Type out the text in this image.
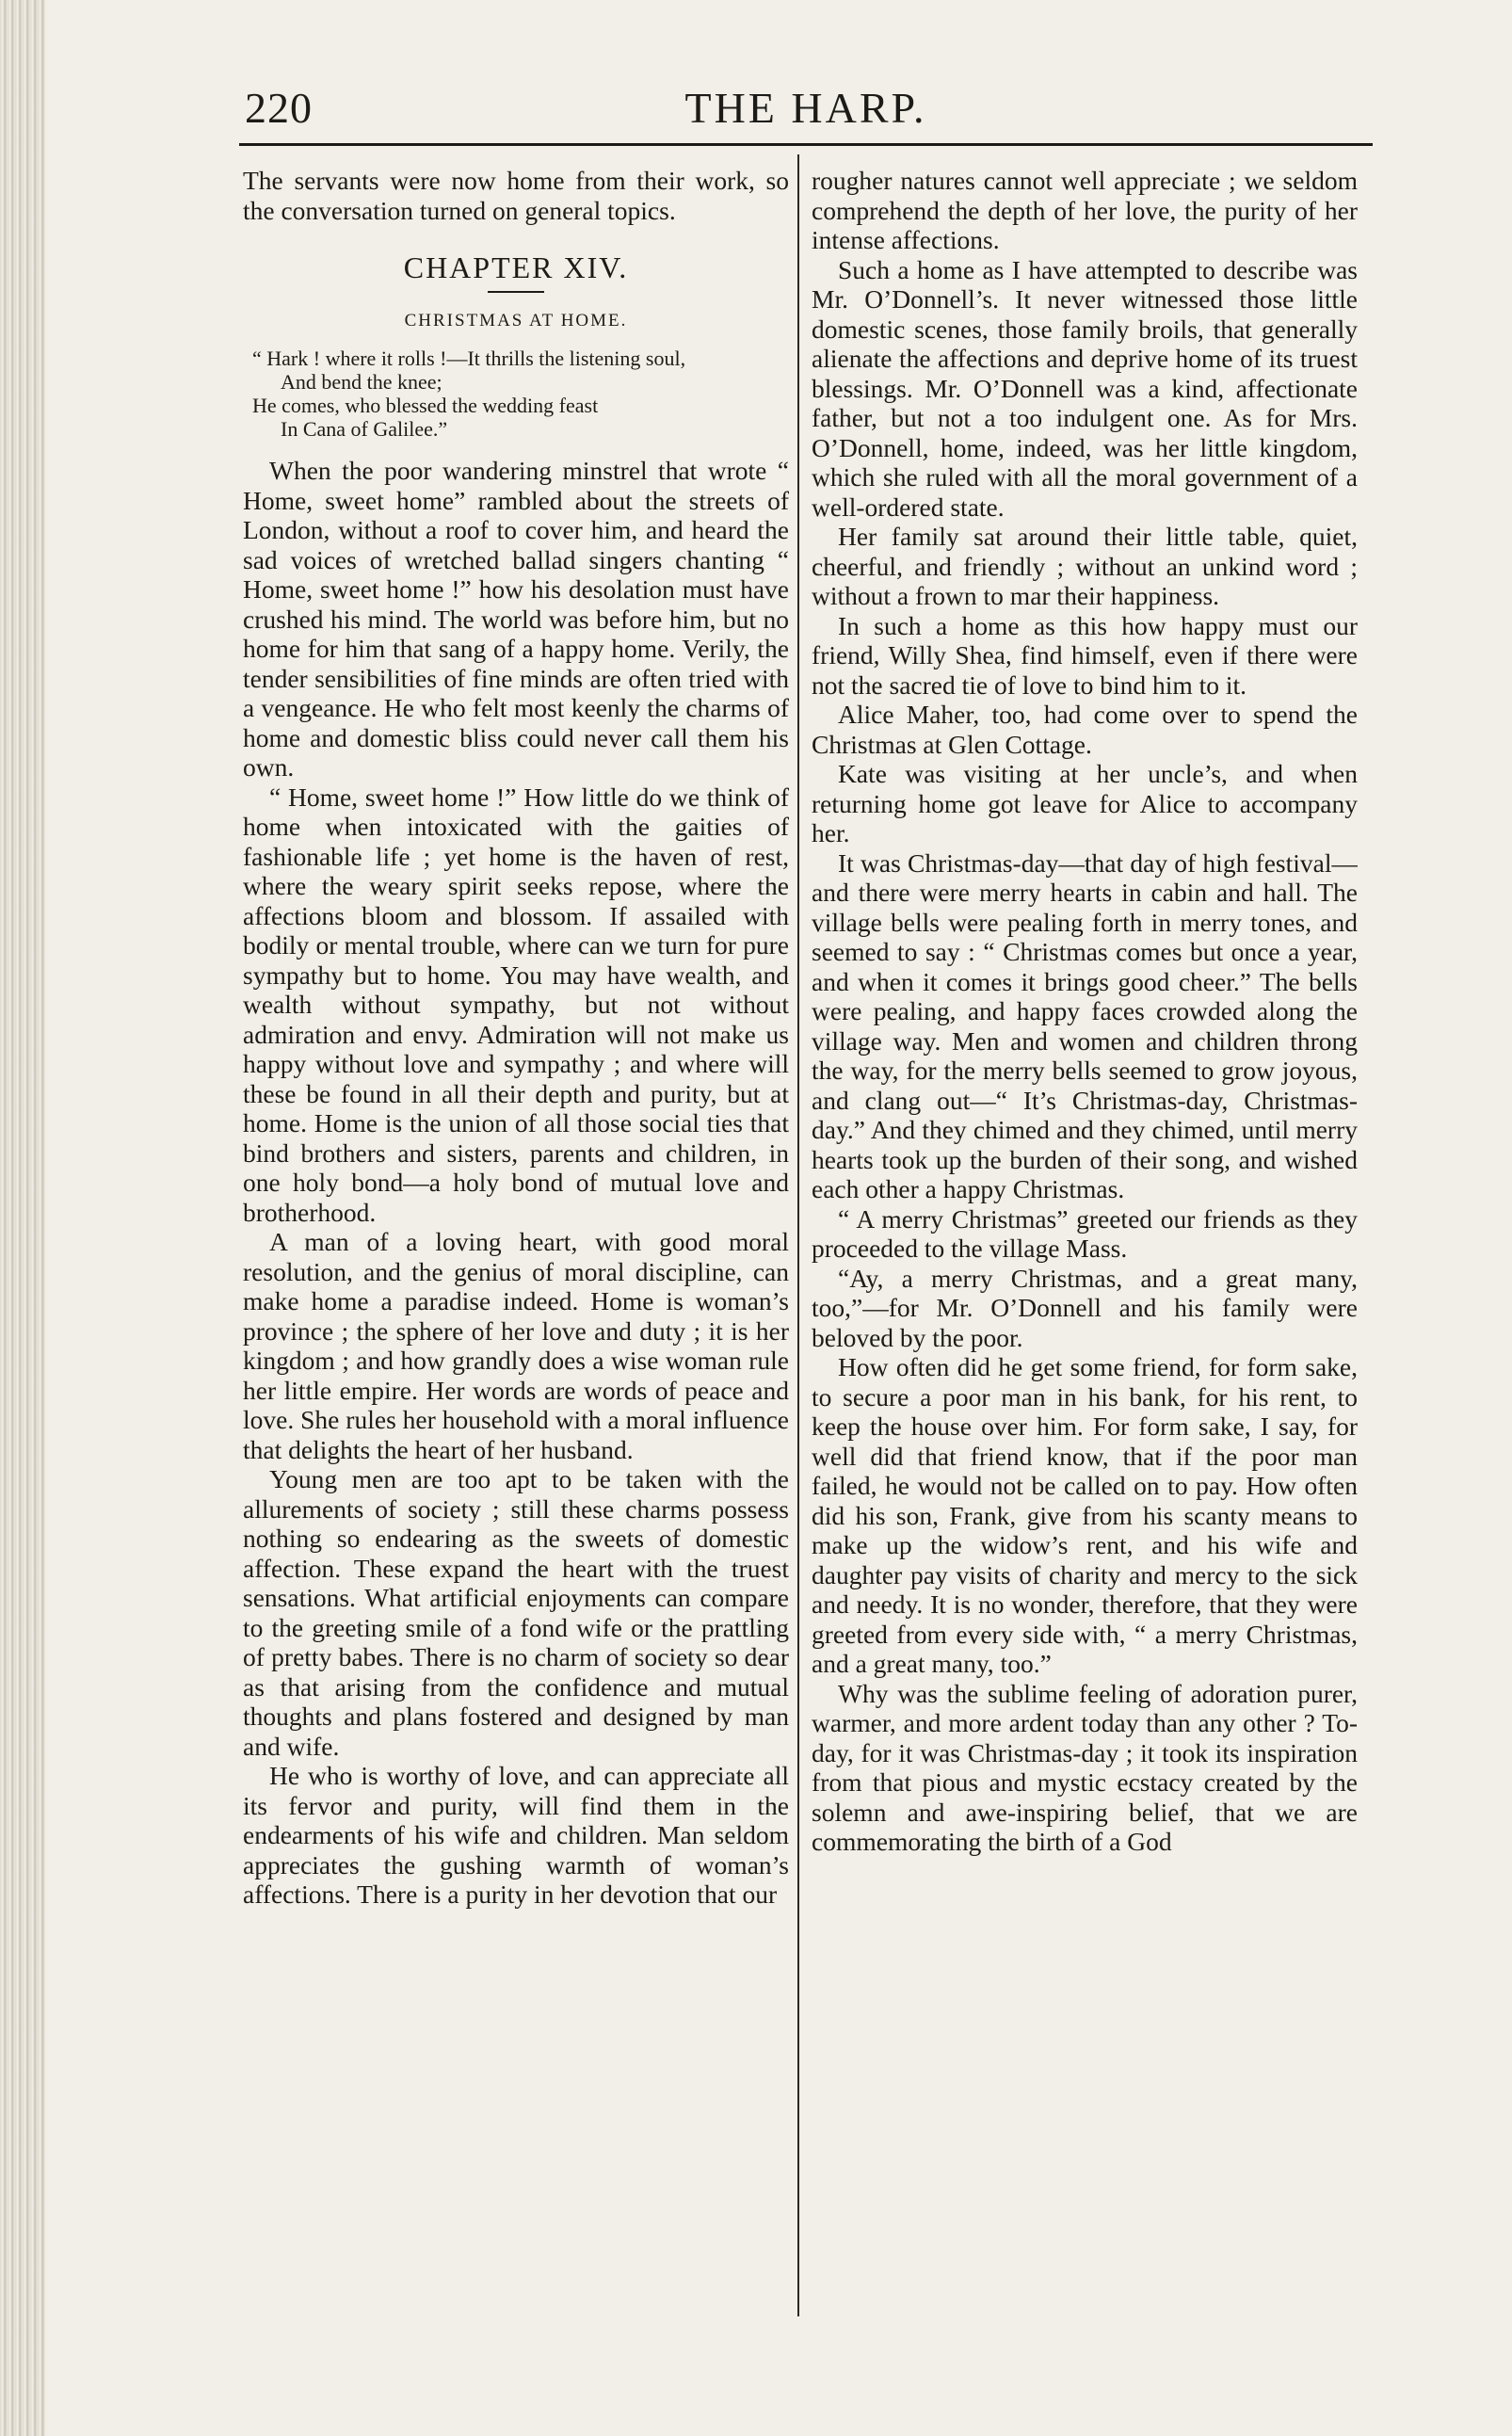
220	THE HARP.

The servants were now home from their work, so the conversation turned on general topics.

CHAPTER XIV.
CHRISTMAS AT HOME.
“ Hark ! where it rolls !—It thrills the listening soul,
And bend the knee;
He comes, who blessed the wedding feast
In Cana of Galilee.”

When the poor wandering minstrel that wrote “ Home, sweet home” rambled about the streets of London, without a roof to cover him, and heard the sad voices of wretched ballad singers chanting “ Home, sweet home !” how his desolation must have crushed his mind. The world was before him, but no home for him that sang of a happy home. Verily, the tender sensibilities of fine minds are often tried with a vengeance. He who felt most keenly the charms of home and domestic bliss could never call them his own.

“ Home, sweet home !” How little do we think of home when intoxicated with the gaities of fashionable life ; yet home is the haven of rest, where the weary spirit seeks repose, where the affections bloom and blossom. If assailed with bodily or mental trouble, where can we turn for pure sympathy but to home. You may have wealth, and wealth without sympathy, but not without admiration and envy. Admiration will not make us happy without love and sympathy ; and where will these be found in all their depth and purity, but at home. Home is the union of all those social ties that bind brothers and sisters, parents and children, in one holy bond—a holy bond of mutual love and brotherhood.

A man of a loving heart, with good moral resolution, and the genius of moral discipline, can make home a paradise indeed. Home is woman’s province ; the sphere of her love and duty ; it is her kingdom ; and how grandly does a wise woman rule her little empire. Her words are words of peace and love. She rules her household with a moral influence that delights the heart of her husband.

Young men are too apt to be taken with the allurements of society ; still these charms possess nothing so endearing as the sweets of domestic affection. These expand the heart with the truest sensations. What artificial enjoyments can compare to the greeting smile of a fond wife or the prattling of pretty babes. There is no charm of society so dear as that arising from the confidence and mutual thoughts and plans fostered and designed by man and wife.

He who is worthy of love, and can appreciate all its fervor and purity, will find them in the endearments of his wife and children. Man seldom appreciates the gushing warmth of woman’s affections. There is a purity in her devotion that our

rougher natures cannot well appreciate ; we seldom comprehend the depth of her love, the purity of her intense affections.

Such a home as I have attempted to describe was Mr. O’Donnell’s. It never witnessed those little domestic scenes, those family broils, that generally alienate the affections and deprive home of its truest blessings. Mr. O’Donnell was a kind, affectionate father, but not a too indulgent one. As for Mrs. O’Donnell, home, indeed, was her little kingdom, which she ruled with all the moral government of a well-ordered state.

Her family sat around their little table, quiet, cheerful, and friendly ; without an unkind word ; without a frown to mar their happiness.

In such a home as this how happy must our friend, Willy Shea, find himself, even if there were not the sacred tie of love to bind him to it.

Alice Maher, too, had come over to spend the Christmas at Glen Cottage.

Kate was visiting at her uncle’s, and when returning home got leave for Alice to accompany her.

It was Christmas-day—that day of high festival—and there were merry hearts in cabin and hall. The village bells were pealing forth in merry tones, and seemed to say : “ Christmas comes but once a year, and when it comes it brings good cheer.” The bells were pealing, and happy faces crowded along the village way. Men and women and children throng the way, for the merry bells seemed to grow joyous, and clang out—“ It’s Christmas-day, Christmas-day.” And they chimed and they chimed, until merry hearts took up the burden of their song, and wished each other a happy Christmas.

“ A merry Christmas” greeted our friends as they proceeded to the village Mass.

“Ay, a merry Christmas, and a great many, too,”—for Mr. O’Donnell and his family were beloved by the poor.

How often did he get some friend, for form sake, to secure a poor man in his bank, for his rent, to keep the house over him. For form sake, I say, for well did that friend know, that if the poor man failed, he would not be called on to pay. How often did his son, Frank, give from his scanty means to make up the widow’s rent, and his wife and daughter pay visits of charity and mercy to the sick and needy. It is no wonder, therefore, that they were greeted from every side with, “ a merry Christmas, and a great many, too.”

Why was the sublime feeling of adoration purer, warmer, and more ardent today than any other ? To-day, for it was Christmas-day ; it took its inspiration from that pious and mystic ecstacy created by the solemn and awe-inspiring belief, that we are commemorating the birth of a God
